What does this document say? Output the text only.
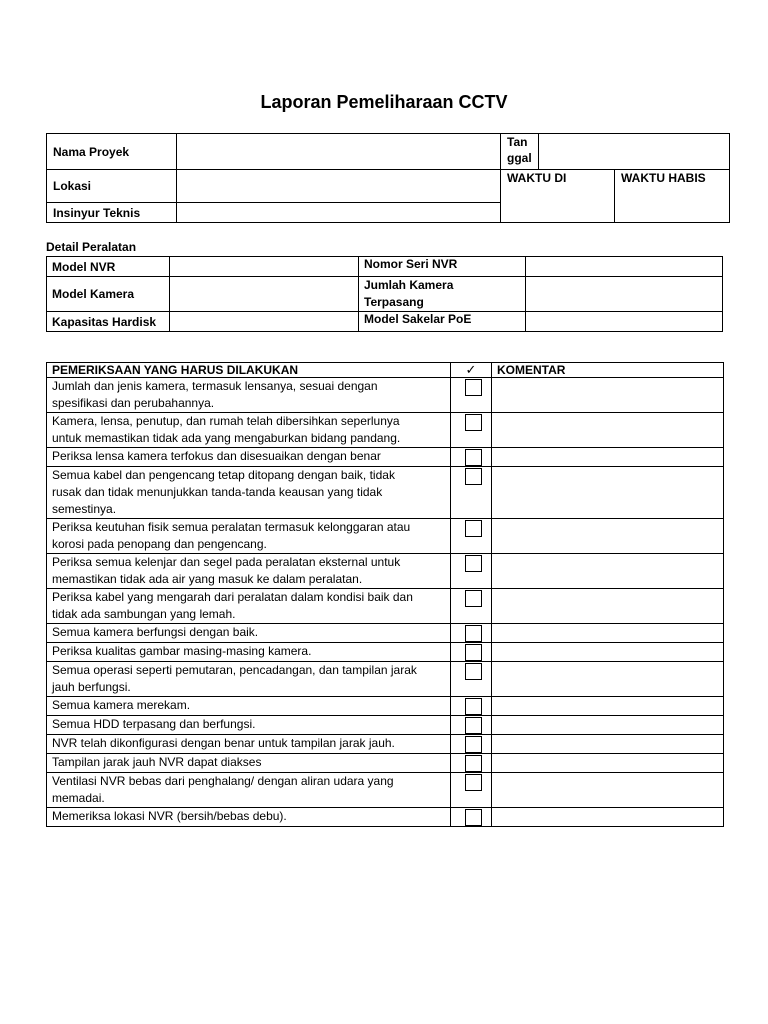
Laporan Pemeliharaan CCTV
Nama Proyek		Tan
ggal		
Lokasi		WAKTU DI		WAKTU HABIS
Insinyur Teknis				
Detail Peralatan
Model NVR		Nomor Seri NVR	
Model Kamera		Jumlah Kamera
Terpasang	
Kapasitas Hardisk		Model Sakelar PoE	
PEMERIKSAAN YANG HARUS DILAKUKAN	✓	KOMENTAR
Jumlah dan jenis kamera, termasuk lensanya, sesuai dengan
spesifikasi dan perubahannya.	

Kamera, lensa, penutup, dan rumah telah dibersihkan seperlunya
untuk memastikan tidak ada yang mengaburkan bidang pandang.	

Periksa lensa kamera terfokus dan disesuaikan dengan benar	

Semua kabel dan pengencang tetap ditopang dengan baik, tidak
rusak dan tidak menunjukkan tanda-tanda keausan yang tidak
semestinya.	

Periksa keutuhan fisik semua peralatan termasuk kelonggaran atau
korosi pada penopang dan pengencang.	

Periksa semua kelenjar dan segel pada peralatan eksternal untuk
memastikan tidak ada air yang masuk ke dalam peralatan.	

Periksa kabel yang mengarah dari peralatan dalam kondisi baik dan
tidak ada sambungan yang lemah.	

Semua kamera berfungsi dengan baik.	

Periksa kualitas gambar masing-masing kamera.	

Semua operasi seperti pemutaran, pencadangan, dan tampilan jarak
jauh berfungsi.	

Semua kamera merekam.	

Semua HDD terpasang dan berfungsi.	

NVR telah dikonfigurasi dengan benar untuk tampilan jarak jauh.	

Tampilan jarak jauh NVR dapat diakses	

Ventilasi NVR bebas dari penghalang/ dengan aliran udara yang
memadai.	

Memeriksa lokasi NVR (bersih/bebas debu).	
